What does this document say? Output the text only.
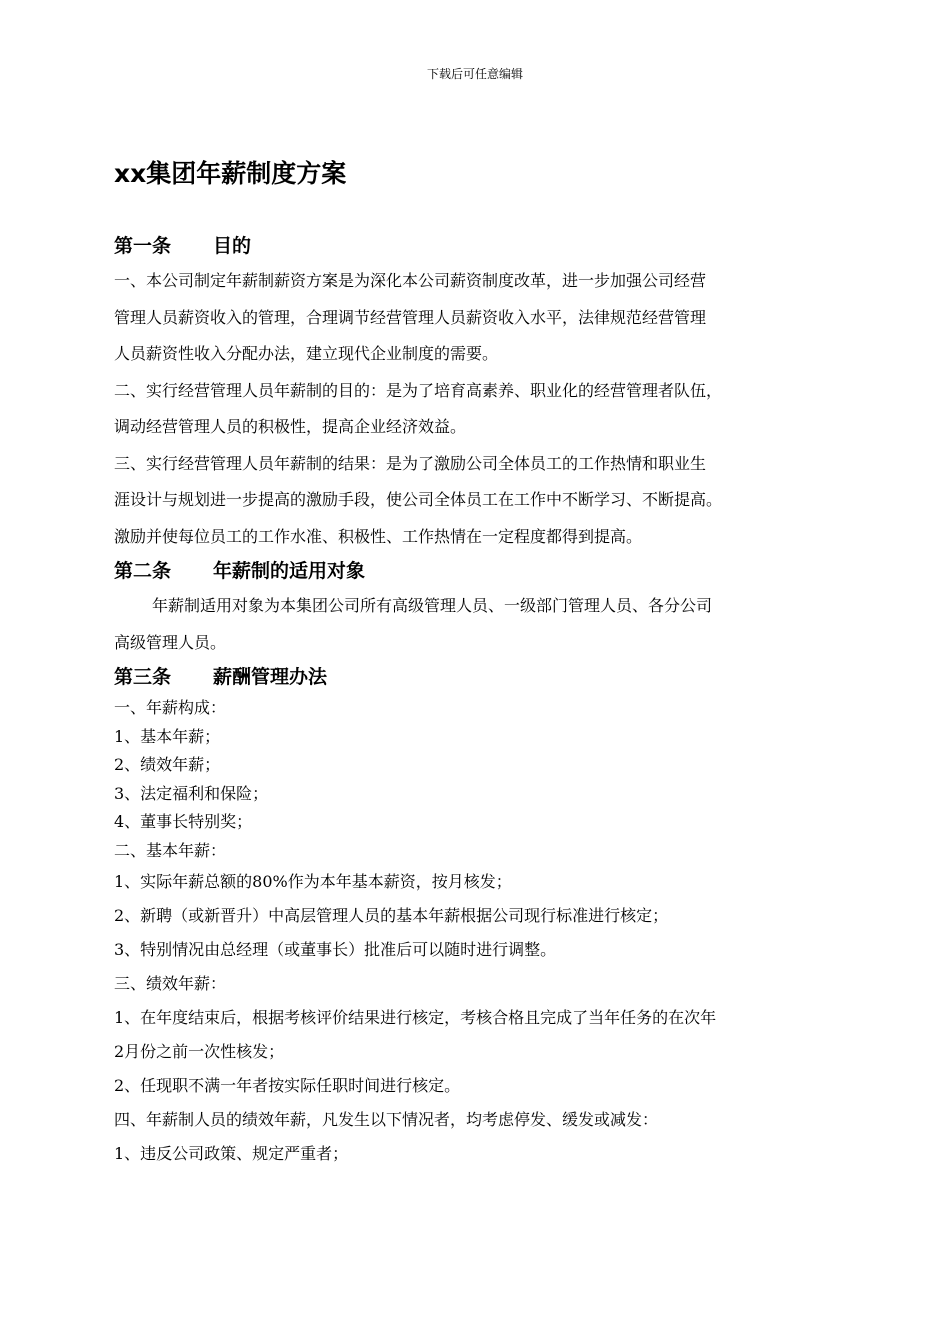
下载后可任意编辑
xx集团年薪制度方案
第一条 目的
一、本公司制定年薪制薪资方案是为深化本公司薪资制度改革，进一步加强公司经营
管理人员薪资收入的管理，合理调节经营管理人员薪资收入水平，法律规范经营管理
人员薪资性收入分配办法，建立现代企业制度的需要。
二、实行经营管理人员年薪制的目的：是为了培育高素养、职业化的经营管理者队伍，
调动经营管理人员的积极性，提高企业经济效益。
三、实行经营管理人员年薪制的结果：是为了激励公司全体员工的工作热情和职业生
涯设计与规划进一步提高的激励手段，使公司全体员工在工作中不断学习、不断提高。
激励并使每位员工的工作水准、积极性、工作热情在一定程度都得到提高。
第二条 年薪制的适用对象
年薪制适用对象为本集团公司所有高级管理人员、一级部门管理人员、各分公司
高级管理人员。
第三条 薪酬管理办法
一、年薪构成：
1、基本年薪；
2、绩效年薪；
3、法定福利和保险；
4、董事长特别奖；
二、基本年薪：
1、实际年薪总额的80%作为本年基本薪资，按月核发；
2、新聘（或新晋升）中高层管理人员的基本年薪根据公司现行标准进行核定；
3、特别情况由总经理（或董事长）批准后可以随时进行调整。
三、绩效年薪：
1、在年度结束后，根据考核评价结果进行核定，考核合格且完成了当年任务的在次年
2月份之前一次性核发；
2、任现职不满一年者按实际任职时间进行核定。
四、年薪制人员的绩效年薪，凡发生以下情况者，均考虑停发、缓发或减发：
1、违反公司政策、规定严重者；
